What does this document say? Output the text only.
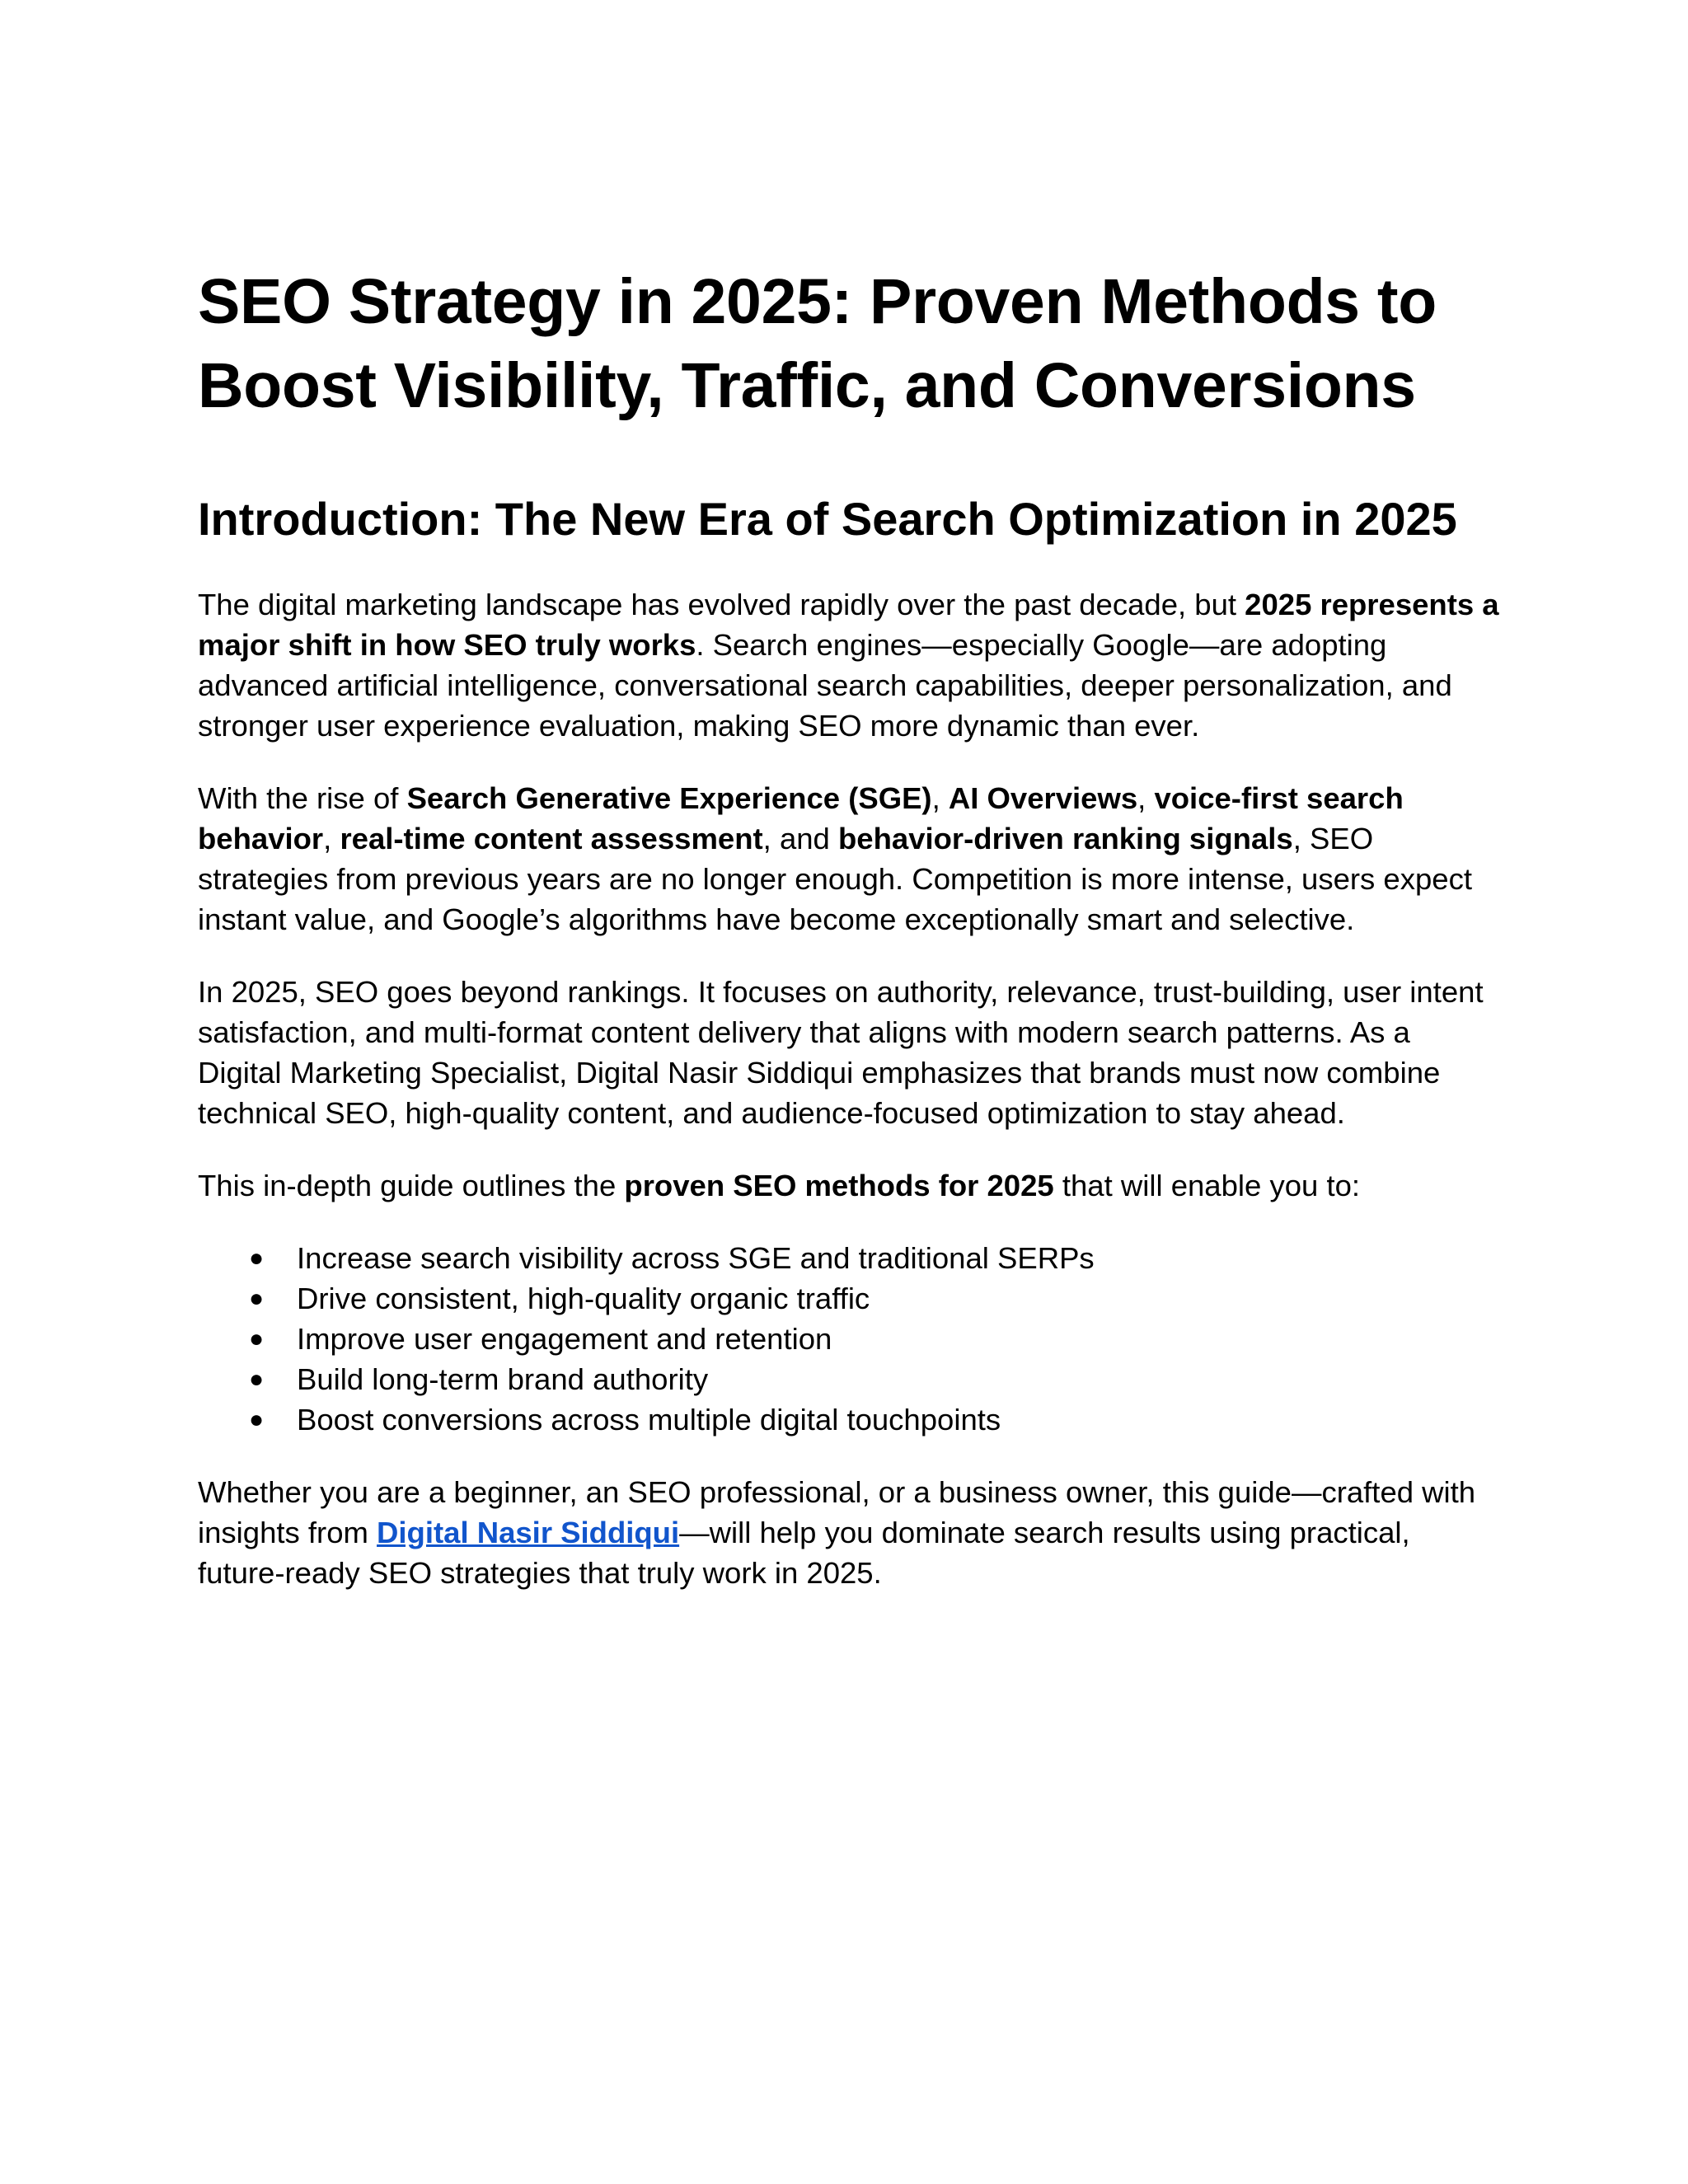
SEO Strategy in 2025: Proven Methods to
Boost Visibility, Traffic, and Conversions
Introduction: The New Era of Search Optimization in 2025

The digital marketing landscape has evolved rapidly over the past decade, but 2025 represents a major shift in how SEO truly works. Search engines—especially Google—are adopting advanced artificial intelligence, conversational search capabilities, deeper personalization, and stronger user experience evaluation, making SEO more dynamic than ever.

With the rise of Search Generative Experience (SGE), AI Overviews, voice-first search behavior, real-time content assessment, and behavior-driven ranking signals, SEO strategies from previous years are no longer enough. Competition is more intense, users expect instant value, and Google’s algorithms have become exceptionally smart and selective.

In 2025, SEO goes beyond rankings. It focuses on authority, relevance, trust-building, user intent satisfaction, and multi-format content delivery that aligns with modern search patterns. As a Digital Marketing Specialist, Digital Nasir Siddiqui emphasizes that brands must now combine technical SEO, high-quality content, and audience-focused optimization to stay ahead.

This in-depth guide outlines the proven SEO methods for 2025 that will enable you to:

● Increase search visibility across SGE and traditional SERPs
● Drive consistent, high-quality organic traffic
● Improve user engagement and retention
● Build long-term brand authority
● Boost conversions across multiple digital touchpoints

Whether you are a beginner, an SEO professional, or a business owner, this guide—crafted with insights from Digital Nasir Siddiqui—will help you dominate search results using practical, future-ready SEO strategies that truly work in 2025.
